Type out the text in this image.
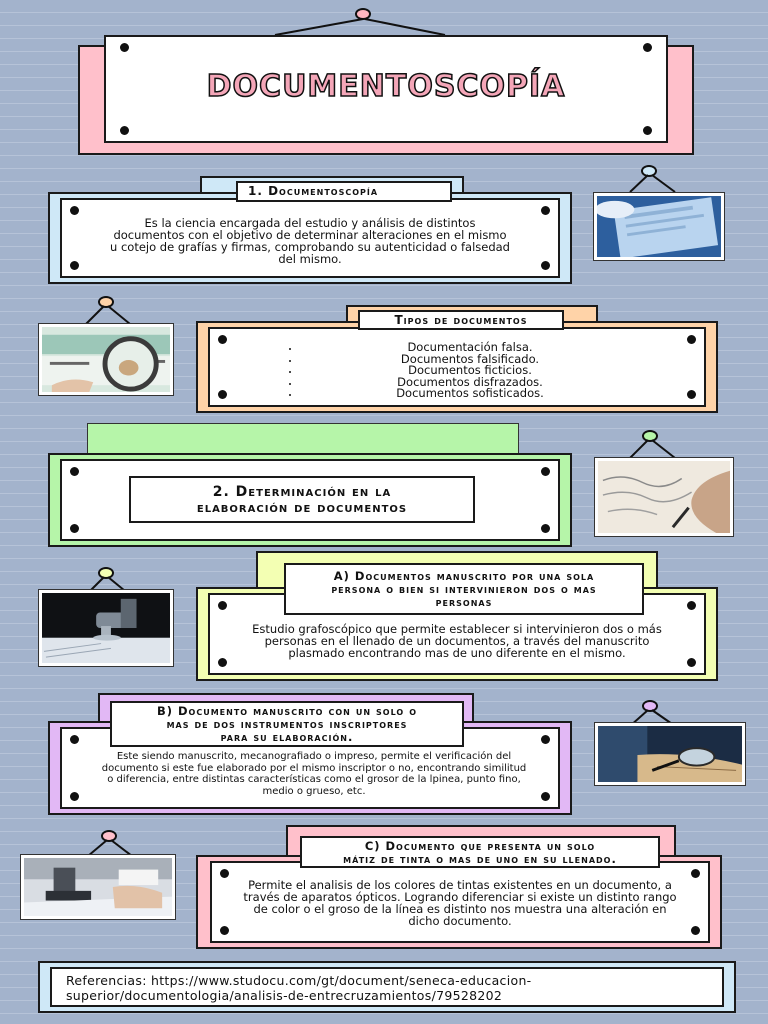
DOCUMENTOSCOPÍA
Es la ciencia encargada del estudio y análisis de distintos documentos con el objetivo de determinar alteraciones en el mismo u cotejo de grafías y firmas, comprobando su autenticidad o falsedad del mismo.
1. Documentoscopía
• Documentación falsa.
• Documentos falsificado.
• Documentos ficticios.
• Documentos disfrazados.
• Documentos sofisticados.
Tipos de documentos
2. Determinación en la
elaboración de documentos
Estudio grafoscópico que permite establecer si intervinieron dos o más personas en el llenado de un documentos, a través del manuscrito plasmado encontrando mas de uno diferente en el mismo.
A) Documentos manuscrito por una sola
persona o bien si intervinieron dos o mas
personas
Este siendo manuscrito, mecanografiado o impreso, permite el verificación del documento si este fue elaborado por el mismo inscriptor o no, encontrando similitud o diferencia, entre distintas características como el grosor de la lpinea, punto fino, medio o grueso, etc.
B) Documento manuscrito con un solo o
mas de dos instrumentos inscriptores
para su elaboración.
Permite el analisis de los colores de tintas existentes en un documento, a través de aparatos ópticos. Logrando diferenciar si existe un distinto rango de color o el groso de la línea es distinto nos muestra una alteración en dicho documento.
C) Documento que presenta un solo
mátiz de tinta o mas de uno en su llenado.
Referencias: https://www.studocu.com/gt/document/seneca-educacion-
superior/documentologia/analisis-de-entrecruzamientos/79528202
